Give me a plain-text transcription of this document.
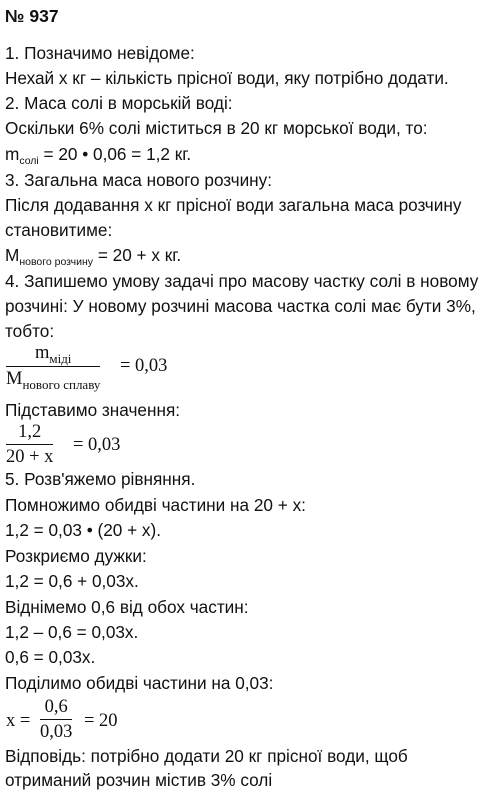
№ 937
1. Позначимо невідоме:
Нехай x кг – кількість прісної води, яку потрібно додати.
2. Маса солі в морській воді:
Оскільки 6% солі міститься в 20 кг морської води, то:
$m_{солі} = 20$ • 0,06 = 1,2 кг.
3. Загальна маса нового розчину:
Після додавання x кг прісної води загальна маса розчину
становитиме:
$M_{нового розчину} = 20 + x$ кг.
4. Запишемо умову задачі про масову частку солі в новому
розчині: У новому розчині масова частка солі має бути 3%,
тобто:
$m_{міді}$
$M_{нового сплаву}$
= 0,03
Підставимо значення:
1,2
20 + x
= 0,03
5. Розв'яжемо рівняння.
Помножимо обидві частини на 20 + x:
1,2 = 0,03 • (20 + x).
Розкриємо дужки:
1,2 = 0,6 + 0,03x.
Віднімемо 0,6 від обох частин:
1,2 – 0,6 = 0,03x.
0,6 = 0,03x.
Поділимо обидві частини на 0,03:
x =
0,6
0,03
= 20
Відповідь: потрібно додати 20 кг прісної води, щоб
отриманий розчин містив 3% солі
